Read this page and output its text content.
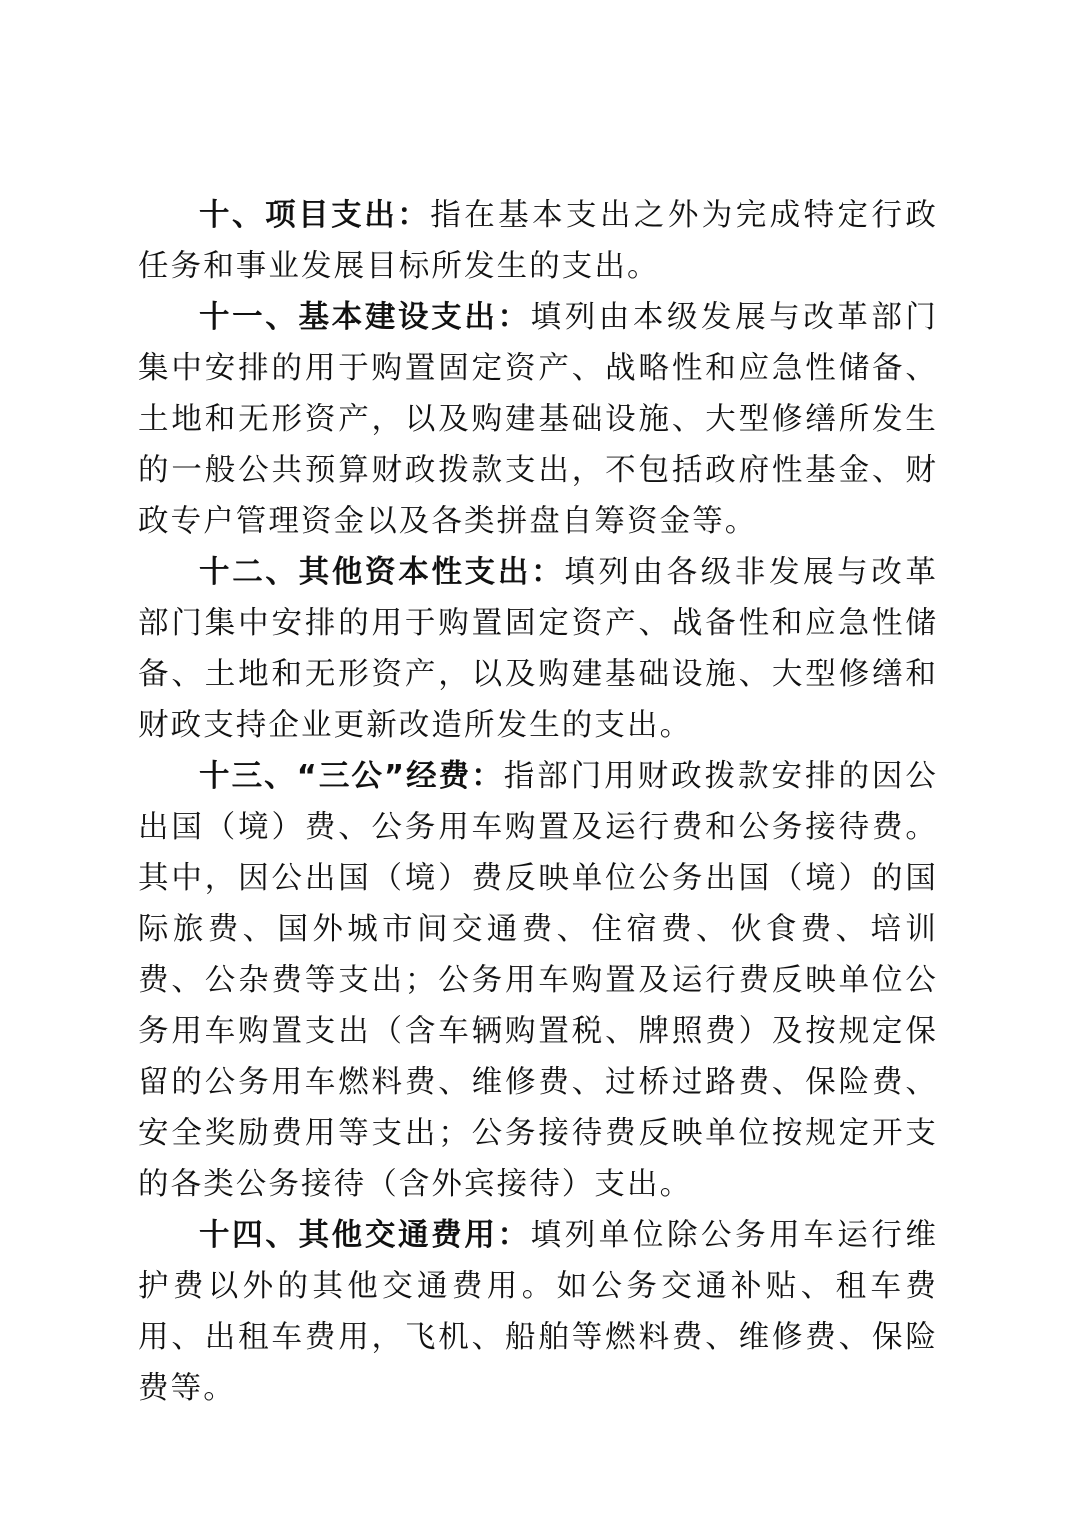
十、项目支出：指在基本支出之外为完成特定行政任务和事业发展目标所发生的支出。

十一、基本建设支出：填列由本级发展与改革部门集中安排的用于购置固定资产、战略性和应急性储备、土地和无形资产，以及购建基础设施、大型修缮所发生的一般公共预算财政拨款支出，不包括政府性基金、财政专户管理资金以及各类拼盘自筹资金等。

十二、其他资本性支出：填列由各级非发展与改革部门集中安排的用于购置固定资产、战备性和应急性储备、土地和无形资产，以及购建基础设施、大型修缮和财政支持企业更新改造所发生的支出。

十三、“三公”经费：指部门用财政拨款安排的因公出国（境）费、公务用车购置及运行费和公务接待费。其中，因公出国（境）费反映单位公务出国（境）的国际旅费、国外城市间交通费、住宿费、伙食费、培训费、公杂费等支出；公务用车购置及运行费反映单位公务用车购置支出（含车辆购置税、牌照费）及按规定保留的公务用车燃料费、维修费、过桥过路费、保险费、安全奖励费用等支出；公务接待费反映单位按规定开支的各类公务接待（含外宾接待）支出。

十四、其他交通费用：填列单位除公务用车运行维护费以外的其他交通费用。如公务交通补贴、租车费用、出租车费用，飞机、船舶等燃料费、维修费、保险费等。
